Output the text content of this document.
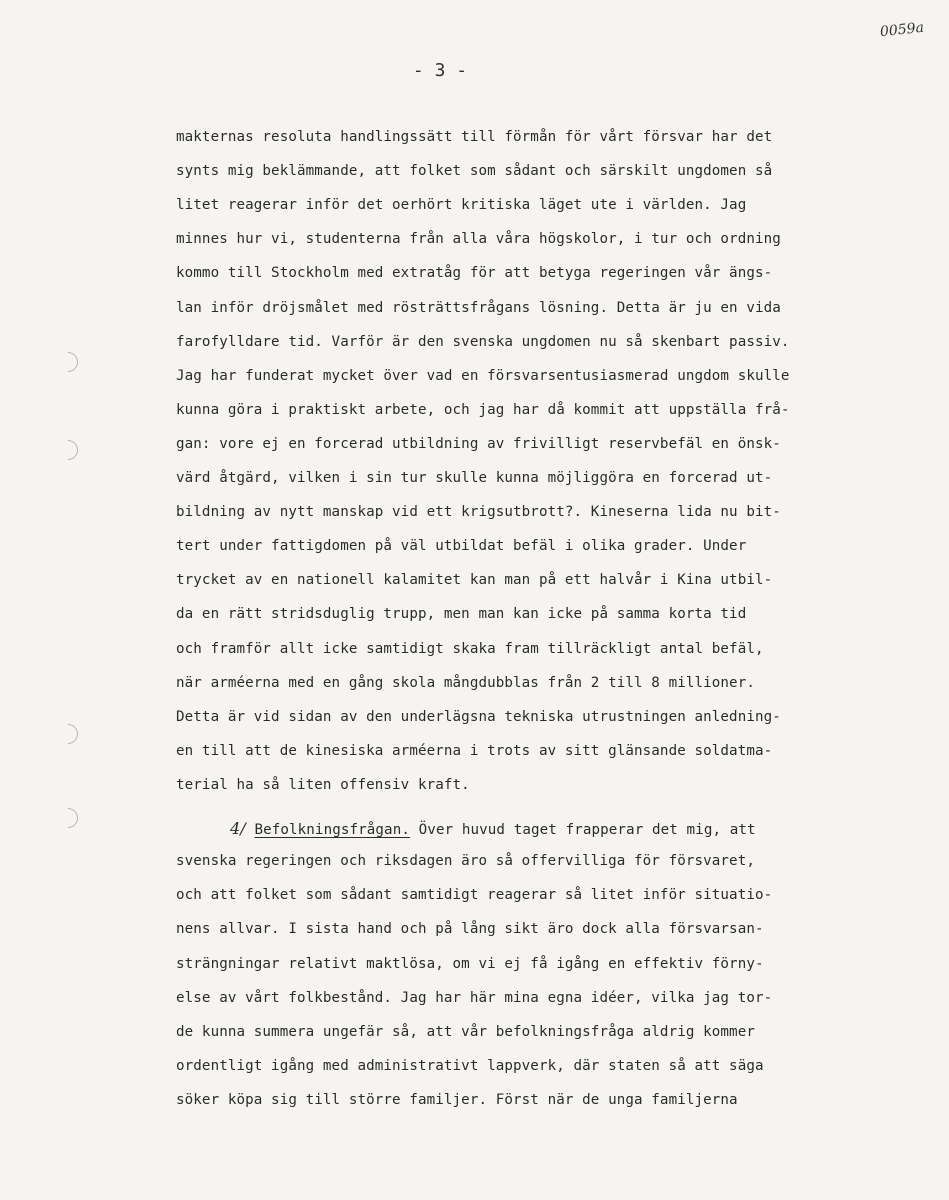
0059a
- 3 -
makternas resoluta handlingssätt till förmån för vårt försvar har det
synts mig beklämmande, att folket som sådant och särskilt ungdomen så
litet reagerar inför det oerhört kritiska läget ute i världen. Jag
minnes hur vi, studenterna från alla våra högskolor, i tur och ordning
kommo till Stockholm med extratåg för att betyga regeringen vår ängs-
lan inför dröjsmålet med rösträttsfrågans lösning. Detta är ju en vida
farofylldare tid. Varför är den svenska ungdomen nu så skenbart passiv.
Jag har funderat mycket över vad en försvarsentusiasmerad ungdom skulle
kunna göra i praktiskt arbete, och jag har då kommit att uppställa frå-
gan: vore ej en forcerad utbildning av frivilligt reservbefäl en önsk-
värd åtgärd, vilken i sin tur skulle kunna möjliggöra en forcerad ut-
bildning av nytt manskap vid ett krigsutbrott?. Kineserna lida nu bit-
tert under fattigdomen på väl utbildat befäl i olika grader. Under
trycket av en nationell kalamitet kan man på ett halvår i Kina utbil-
da en rätt stridsduglig trupp, men man kan icke på samma korta tid
och framför allt icke samtidigt skaka fram tillräckligt antal befäl,
när arméerna med en gång skola mångdubblas från 2 till 8 millioner.
Detta är vid sidan av den underlägsna tekniska utrustningen anledning-
en till att de kinesiska arméerna i trots av sitt glänsande soldatma-
terial ha så liten offensiv kraft.
4/ Befolkningsfrågan. Över huvud taget frapperar det mig, att
svenska regeringen och riksdagen äro så offervilliga för försvaret,
och att folket som sådant samtidigt reagerar så litet inför situatio-
nens allvar. I sista hand och på lång sikt äro dock alla försvarsan-
strängningar relativt maktlösa, om vi ej få igång en effektiv förny-
else av vårt folkbestånd. Jag har här mina egna idéer, vilka jag tor-
de kunna summera ungefär så, att vår befolkningsfråga aldrig kommer
ordentligt igång med administrativt lappverk, där staten så att säga
söker köpa sig till större familjer. Först när de unga familjerna
